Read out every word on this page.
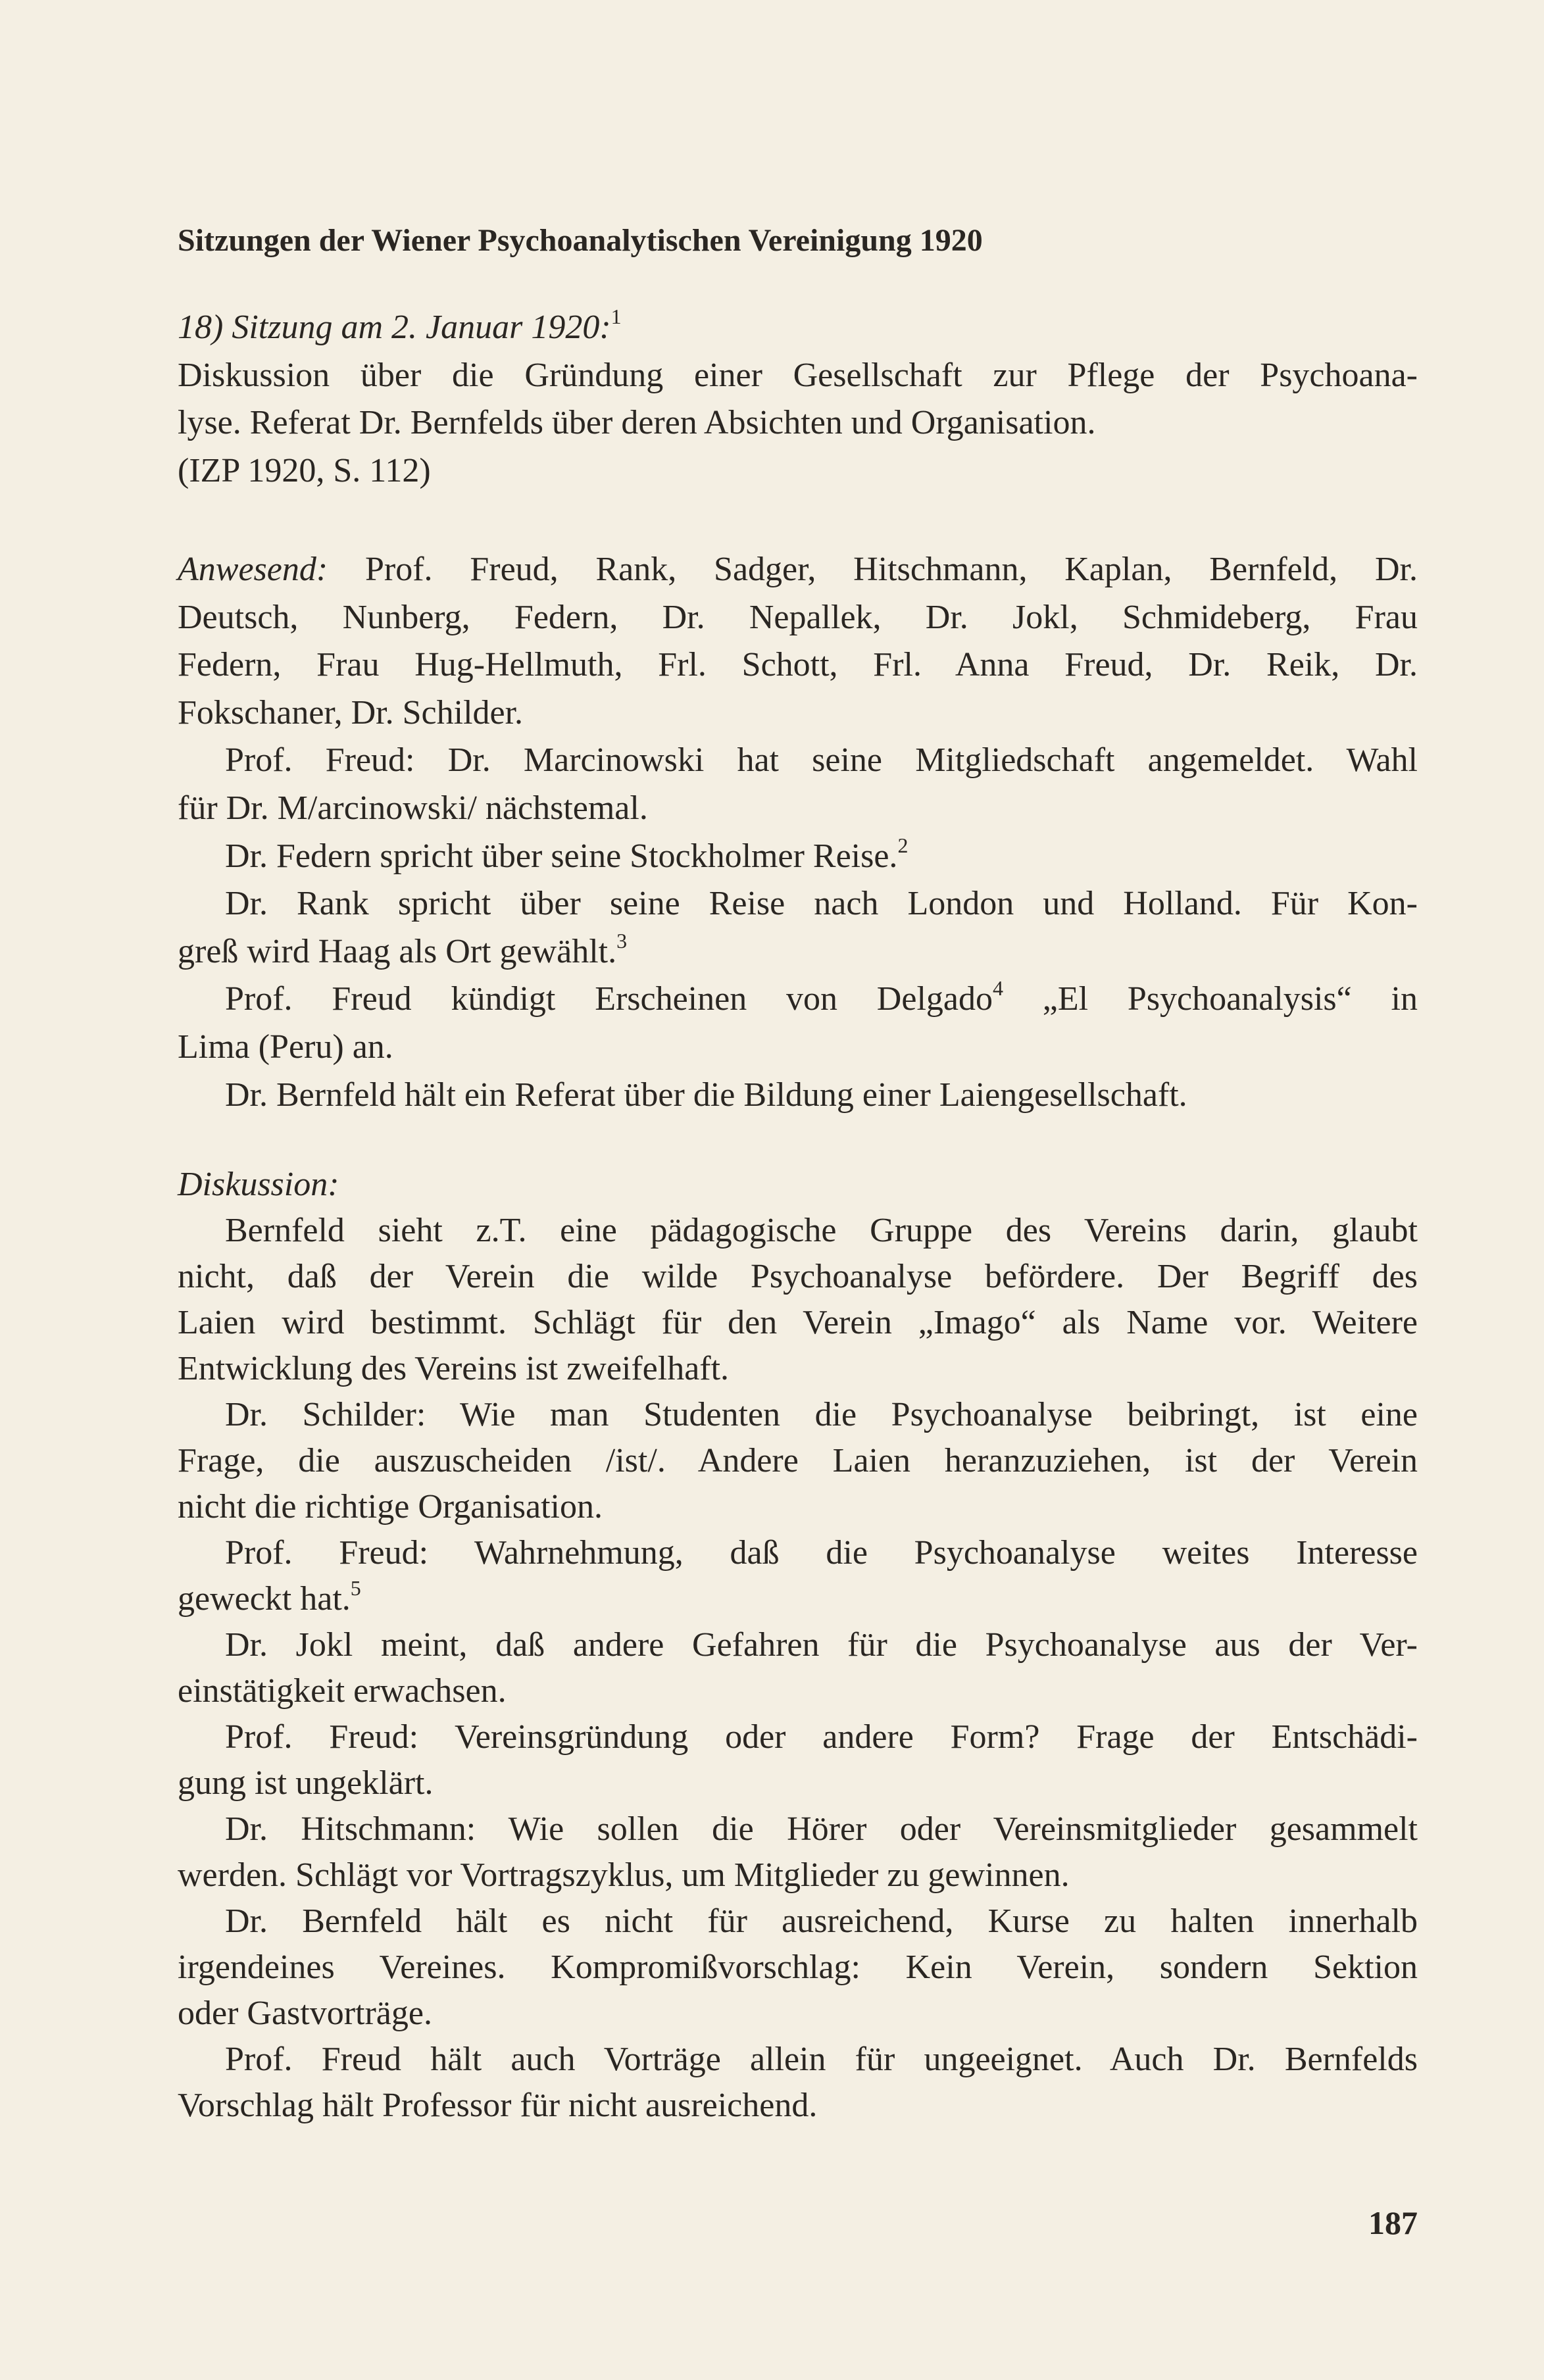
Sitzungen der Wiener Psychoanalytischen Vereinigung 1920
18) Sitzung am 2. Januar 1920:$^1$
Diskussion über die Gründung einer Gesellschaft zur Pflege der Psychoana-
lyse. Referat Dr. Bernfelds über deren Absichten und Organisation.
(IZP 1920, S. 112)
Anwesend: Prof. Freud, Rank, Sadger, Hitschmann, Kaplan, Bernfeld, Dr.
Deutsch, Nunberg, Federn, Dr. Nepallek, Dr. Jokl, Schmideberg, Frau
Federn, Frau Hug-Hellmuth, Frl. Schott, Frl. Anna Freud, Dr. Reik, Dr.
Fokschaner, Dr. Schilder.
Prof. Freud: Dr. Marcinowski hat seine Mitgliedschaft angemeldet. Wahl
für Dr. M/arcinowski/ nächstemal.
Dr. Federn spricht über seine Stockholmer Reise.$^2$
Dr. Rank spricht über seine Reise nach London und Holland. Für Kon-
greß wird Haag als Ort gewählt.$^3$
Prof. Freud kündigt Erscheinen von Delgado$^4$ „El Psychoanalysis“ in
Lima (Peru) an.
Dr. Bernfeld hält ein Referat über die Bildung einer Laiengesellschaft.
Diskussion:
Bernfeld sieht z.T. eine pädagogische Gruppe des Vereins darin, glaubt
nicht, daß der Verein die wilde Psychoanalyse befördere. Der Begriff des
Laien wird bestimmt. Schlägt für den Verein „Imago“ als Name vor. Weitere
Entwicklung des Vereins ist zweifelhaft.
Dr. Schilder: Wie man Studenten die Psychoanalyse beibringt, ist eine
Frage, die auszuscheiden /ist/. Andere Laien heranzuziehen, ist der Verein
nicht die richtige Organisation.
Prof. Freud: Wahrnehmung, daß die Psychoanalyse weites Interesse
geweckt hat.$^5$
Dr. Jokl meint, daß andere Gefahren für die Psychoanalyse aus der Ver-
einstätigkeit erwachsen.
Prof. Freud: Vereinsgründung oder andere Form? Frage der Entschädi-
gung ist ungeklärt.
Dr. Hitschmann: Wie sollen die Hörer oder Vereinsmitglieder gesammelt
werden. Schlägt vor Vortragszyklus, um Mitglieder zu gewinnen.
Dr. Bernfeld hält es nicht für ausreichend, Kurse zu halten innerhalb
irgendeines Vereines. Kompromißvorschlag: Kein Verein, sondern Sektion
oder Gastvorträge.
Prof. Freud hält auch Vorträge allein für ungeeignet. Auch Dr. Bernfelds
Vorschlag hält Professor für nicht ausreichend.
187
